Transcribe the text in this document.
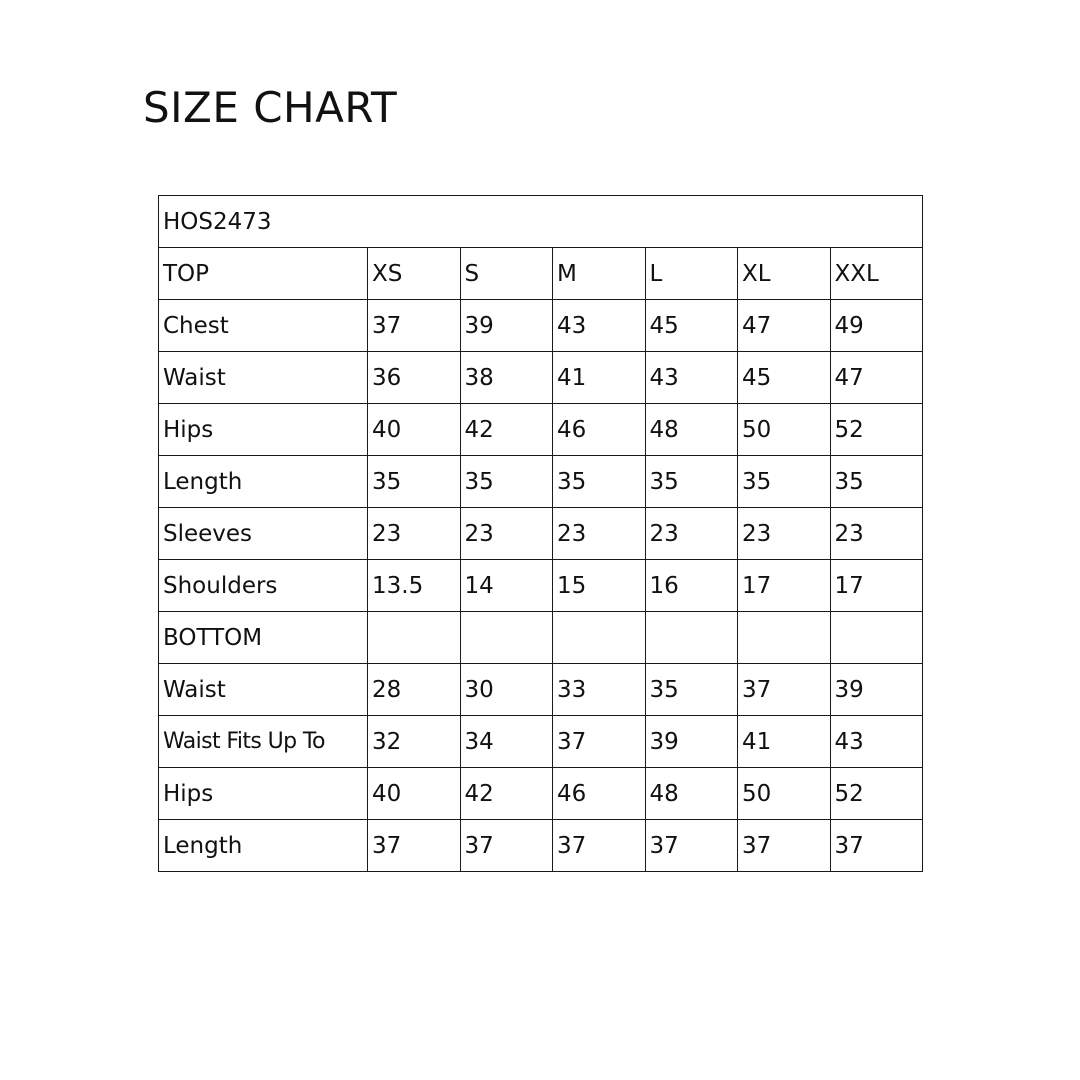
SIZE CHART
HOS2473						
TOP	XS	S	M	L	XL	XXL
Chest	37	39	43	45	47	49
Waist	36	38	41	43	45	47
Hips	40	42	46	48	50	52
Length	35	35	35	35	35	35
Sleeves	23	23	23	23	23	23
Shoulders	13.5	14	15	16	17	17
BOTTOM						
Waist	28	30	33	35	37	39
Waist Fits Up To	32	34	37	39	41	43
Hips	40	42	46	48	50	52
Length	37	37	37	37	37	37
